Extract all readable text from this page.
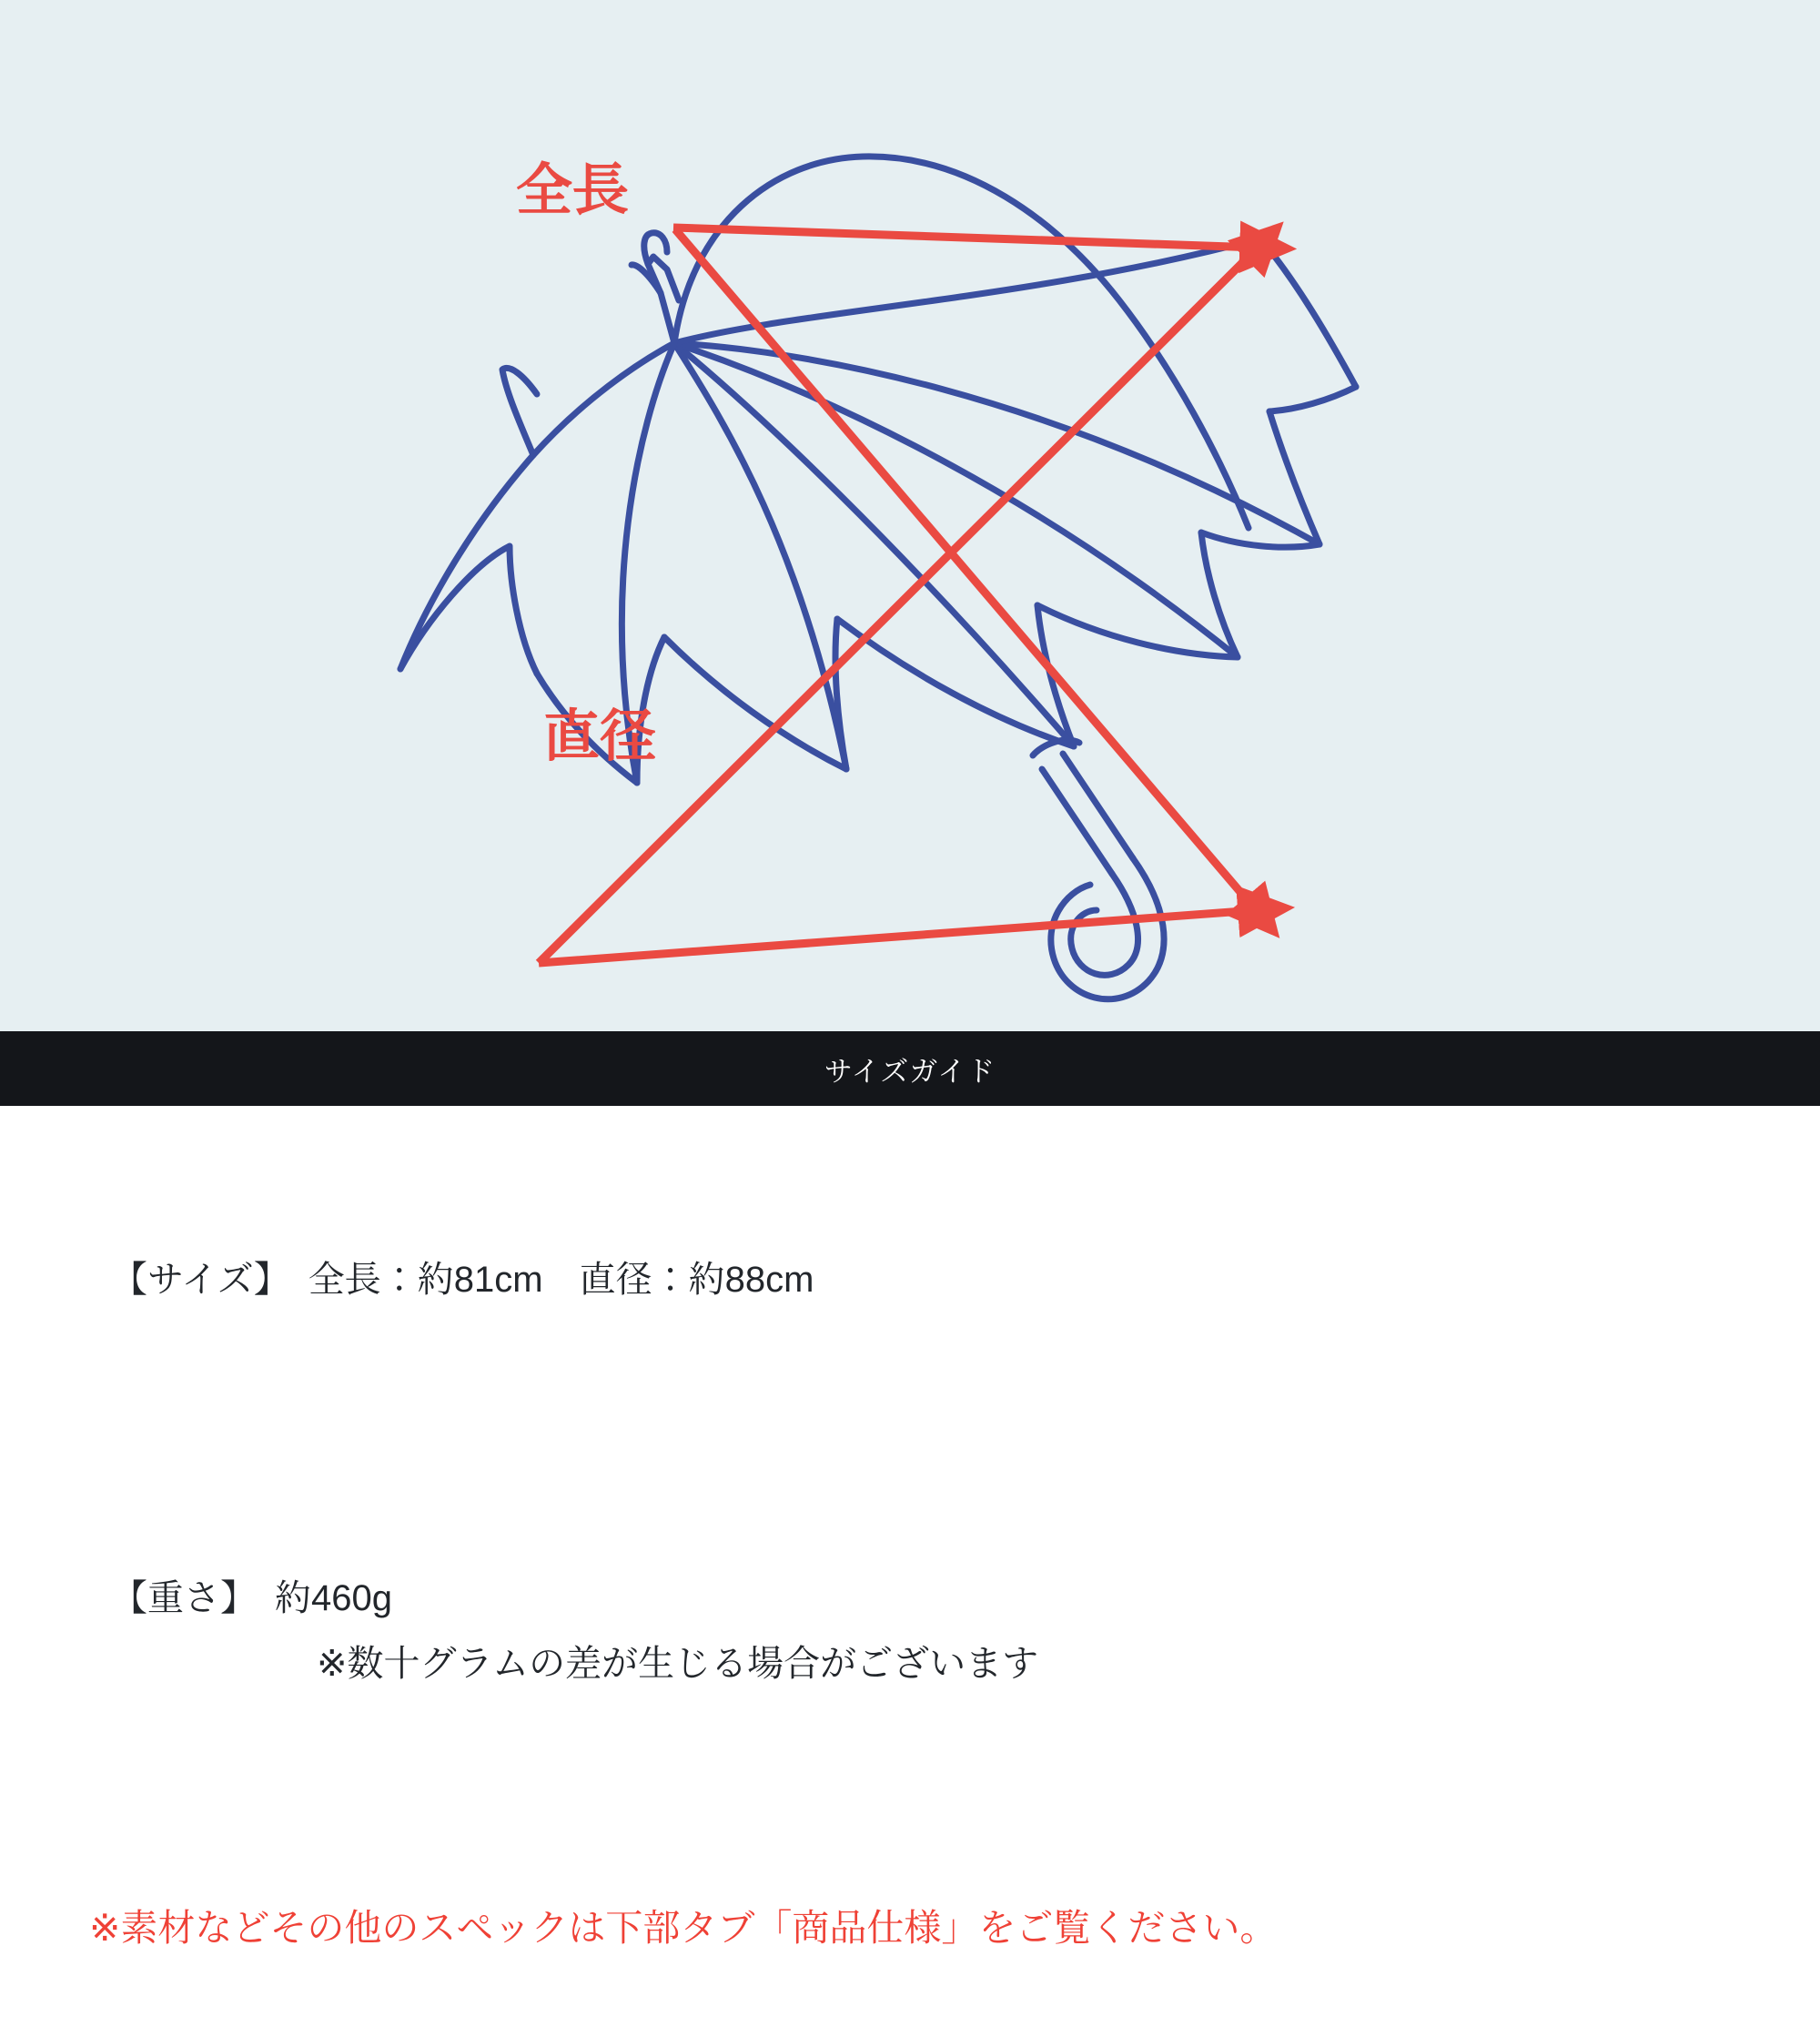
全長
直径
サイズガイド
【サイズ】　全長：約81cm　直径：約88cm
【重さ】　約460g
※数十グラムの差が生じる場合がございます
※素材などその他のスペックは下部タブ「商品仕様」をご覧ください。
